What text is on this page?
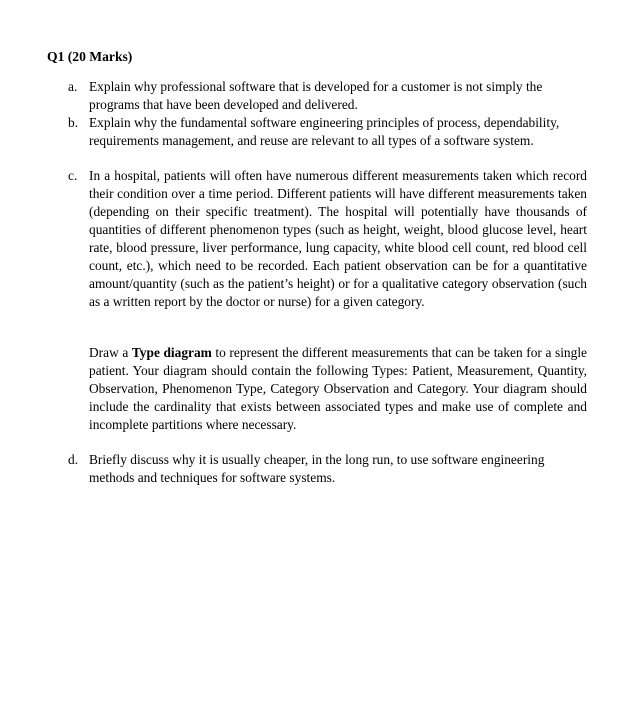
Q1 (20 Marks)
a. Explain why professional software that is developed for a customer is not simply the programs that have been developed and delivered.
b. Explain why the fundamental software engineering principles of process, dependability, requirements management, and reuse are relevant to all types of a software system.
c. In a hospital, patients will often have numerous different measurements taken which record their condition over a time period. Different patients will have different measurements taken (depending on their specific treatment). The hospital will potentially have thousands of quantities of different phenomenon types (such as height, weight, blood glucose level, heart rate, blood pressure, liver performance, lung capacity, white blood cell count, red blood cell count, etc.), which need to be recorded. Each patient observation can be for a quantitative amount/quantity (such as the patient’s height) or for a qualitative category observation (such as a written report by the doctor or nurse) for a given category.
Draw a Type diagram to represent the different measurements that can be taken for a single patient. Your diagram should contain the following Types: Patient, Measurement, Quantity, Observation, Phenomenon Type, Category Observation and Category. Your diagram should include the cardinality that exists between associated types and make use of complete and incomplete partitions where necessary.
d. Briefly discuss why it is usually cheaper, in the long run, to use software engineering methods and techniques for software systems.
